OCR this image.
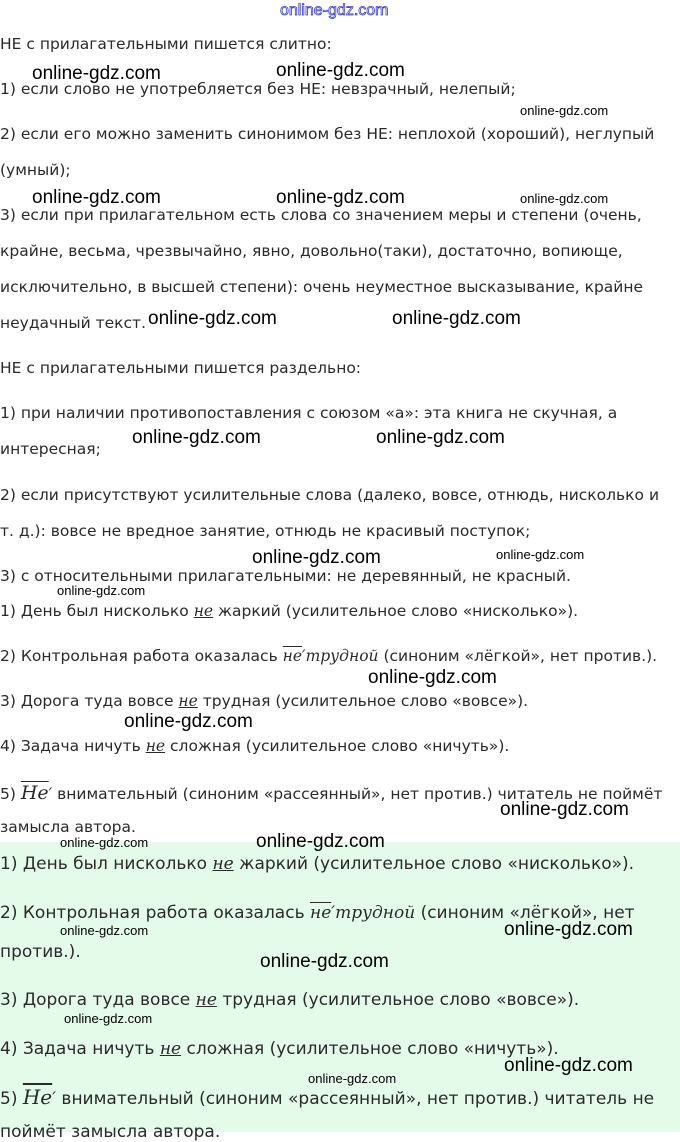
НЕ с прилагательными пишется слитно:
1) если слово не употребляется без НЕ: невзрачный, нелепый;
2) если его можно заменить синонимом без НЕ: неплохой (хороший), неглупый
(умный);
3) если при прилагательном есть слова со значением меры и степени (очень,
крайне, весьма, чрезвычайно, явно, довольно(таки), достаточно, вопиюще,
исключительно, в высшей степени): очень неуместное высказывание, крайне
неудачный текст.
НЕ с прилагательными пишется раздельно:
1) при наличии противопоставления с союзом «а»: эта книга не скучная, а
интересная;
2) если присутствуют усилительные слова (далеко, вовсе, отнюдь, нисколько и
т. д.): вовсе не вредное занятие, отнюдь не красивый поступок;
3) с относительными прилагательными: не деревянный, не красный.
1) День был нисколько не жаркий (усилительное слово «нисколько»).
2) Контрольная работа оказалась не′трудной (синоним «лёгкой», нет против.).
3) Дорога туда вовсе не трудная (усилительное слово «вовсе»).
4) Задача ничуть не сложная (усилительное слово «ничуть»).
5) Не′ внимательный (синоним «рассеянный», нет против.) читатель не поймёт
замысла автора.
1) День был нисколько не жаркий (усилительное слово «нисколько»).
2) Контрольная работа оказалась не′трудной (синоним «лёгкой», нет
против.).
3) Дорога туда вовсе не трудная (усилительное слово «вовсе»).
4) Задача ничуть не сложная (усилительное слово «ничуть»).
5) Не′ внимательный (синоним «рассеянный», нет против.) читатель не
поймёт замысла автора.
online-gdz.com
online-gdz.com	online-gdz.com
online-gdz.com
online-gdz.com	online-gdz.com	online-gdz.com
online-gdz.com	online-gdz.com
online-gdz.com	online-gdz.com
online-gdz.com	online-gdz.com
online-gdz.com
online-gdz.com
online-gdz.com
online-gdz.com
online-gdz.com
online-gdz.com
online-gdz.com	online-gdz.com
online-gdz.com
online-gdz.com
online-gdz.com
online-gdz.com
